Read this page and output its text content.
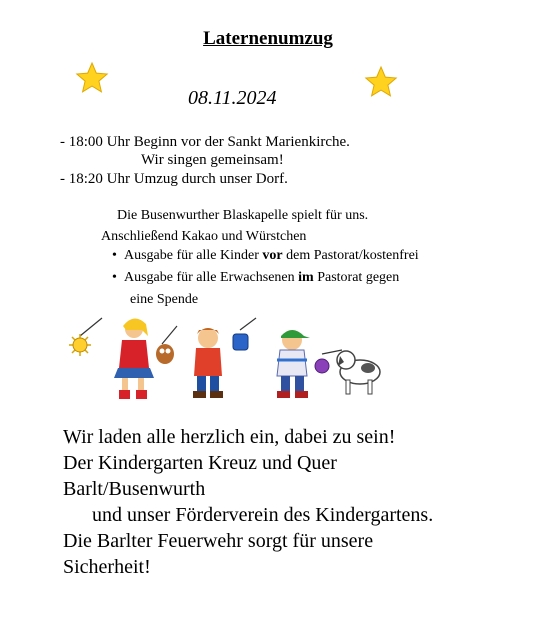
Laternenumzug
08.11.2024
- 18:00 Uhr Beginn vor der Sankt Marienkirche.
Wir singen gemeinsam!
- 18:20 Uhr Umzug durch unser Dorf.
Die Busenwurther Blaskapelle spielt für uns.
Anschließend Kakao und Würstchen
• Ausgabe für alle Kinder vor dem Pastorat/kostenfrei
• Ausgabe für alle Erwachsenen im Pastorat gegen
eine Spende
Wir laden alle herzlich ein, dabei zu sein!
Der Kindergarten Kreuz und Quer
Barlt/Busenwurth
und unser Förderverein des Kindergartens.
Die Barlter Feuerwehr sorgt für unsere
Sicherheit!
